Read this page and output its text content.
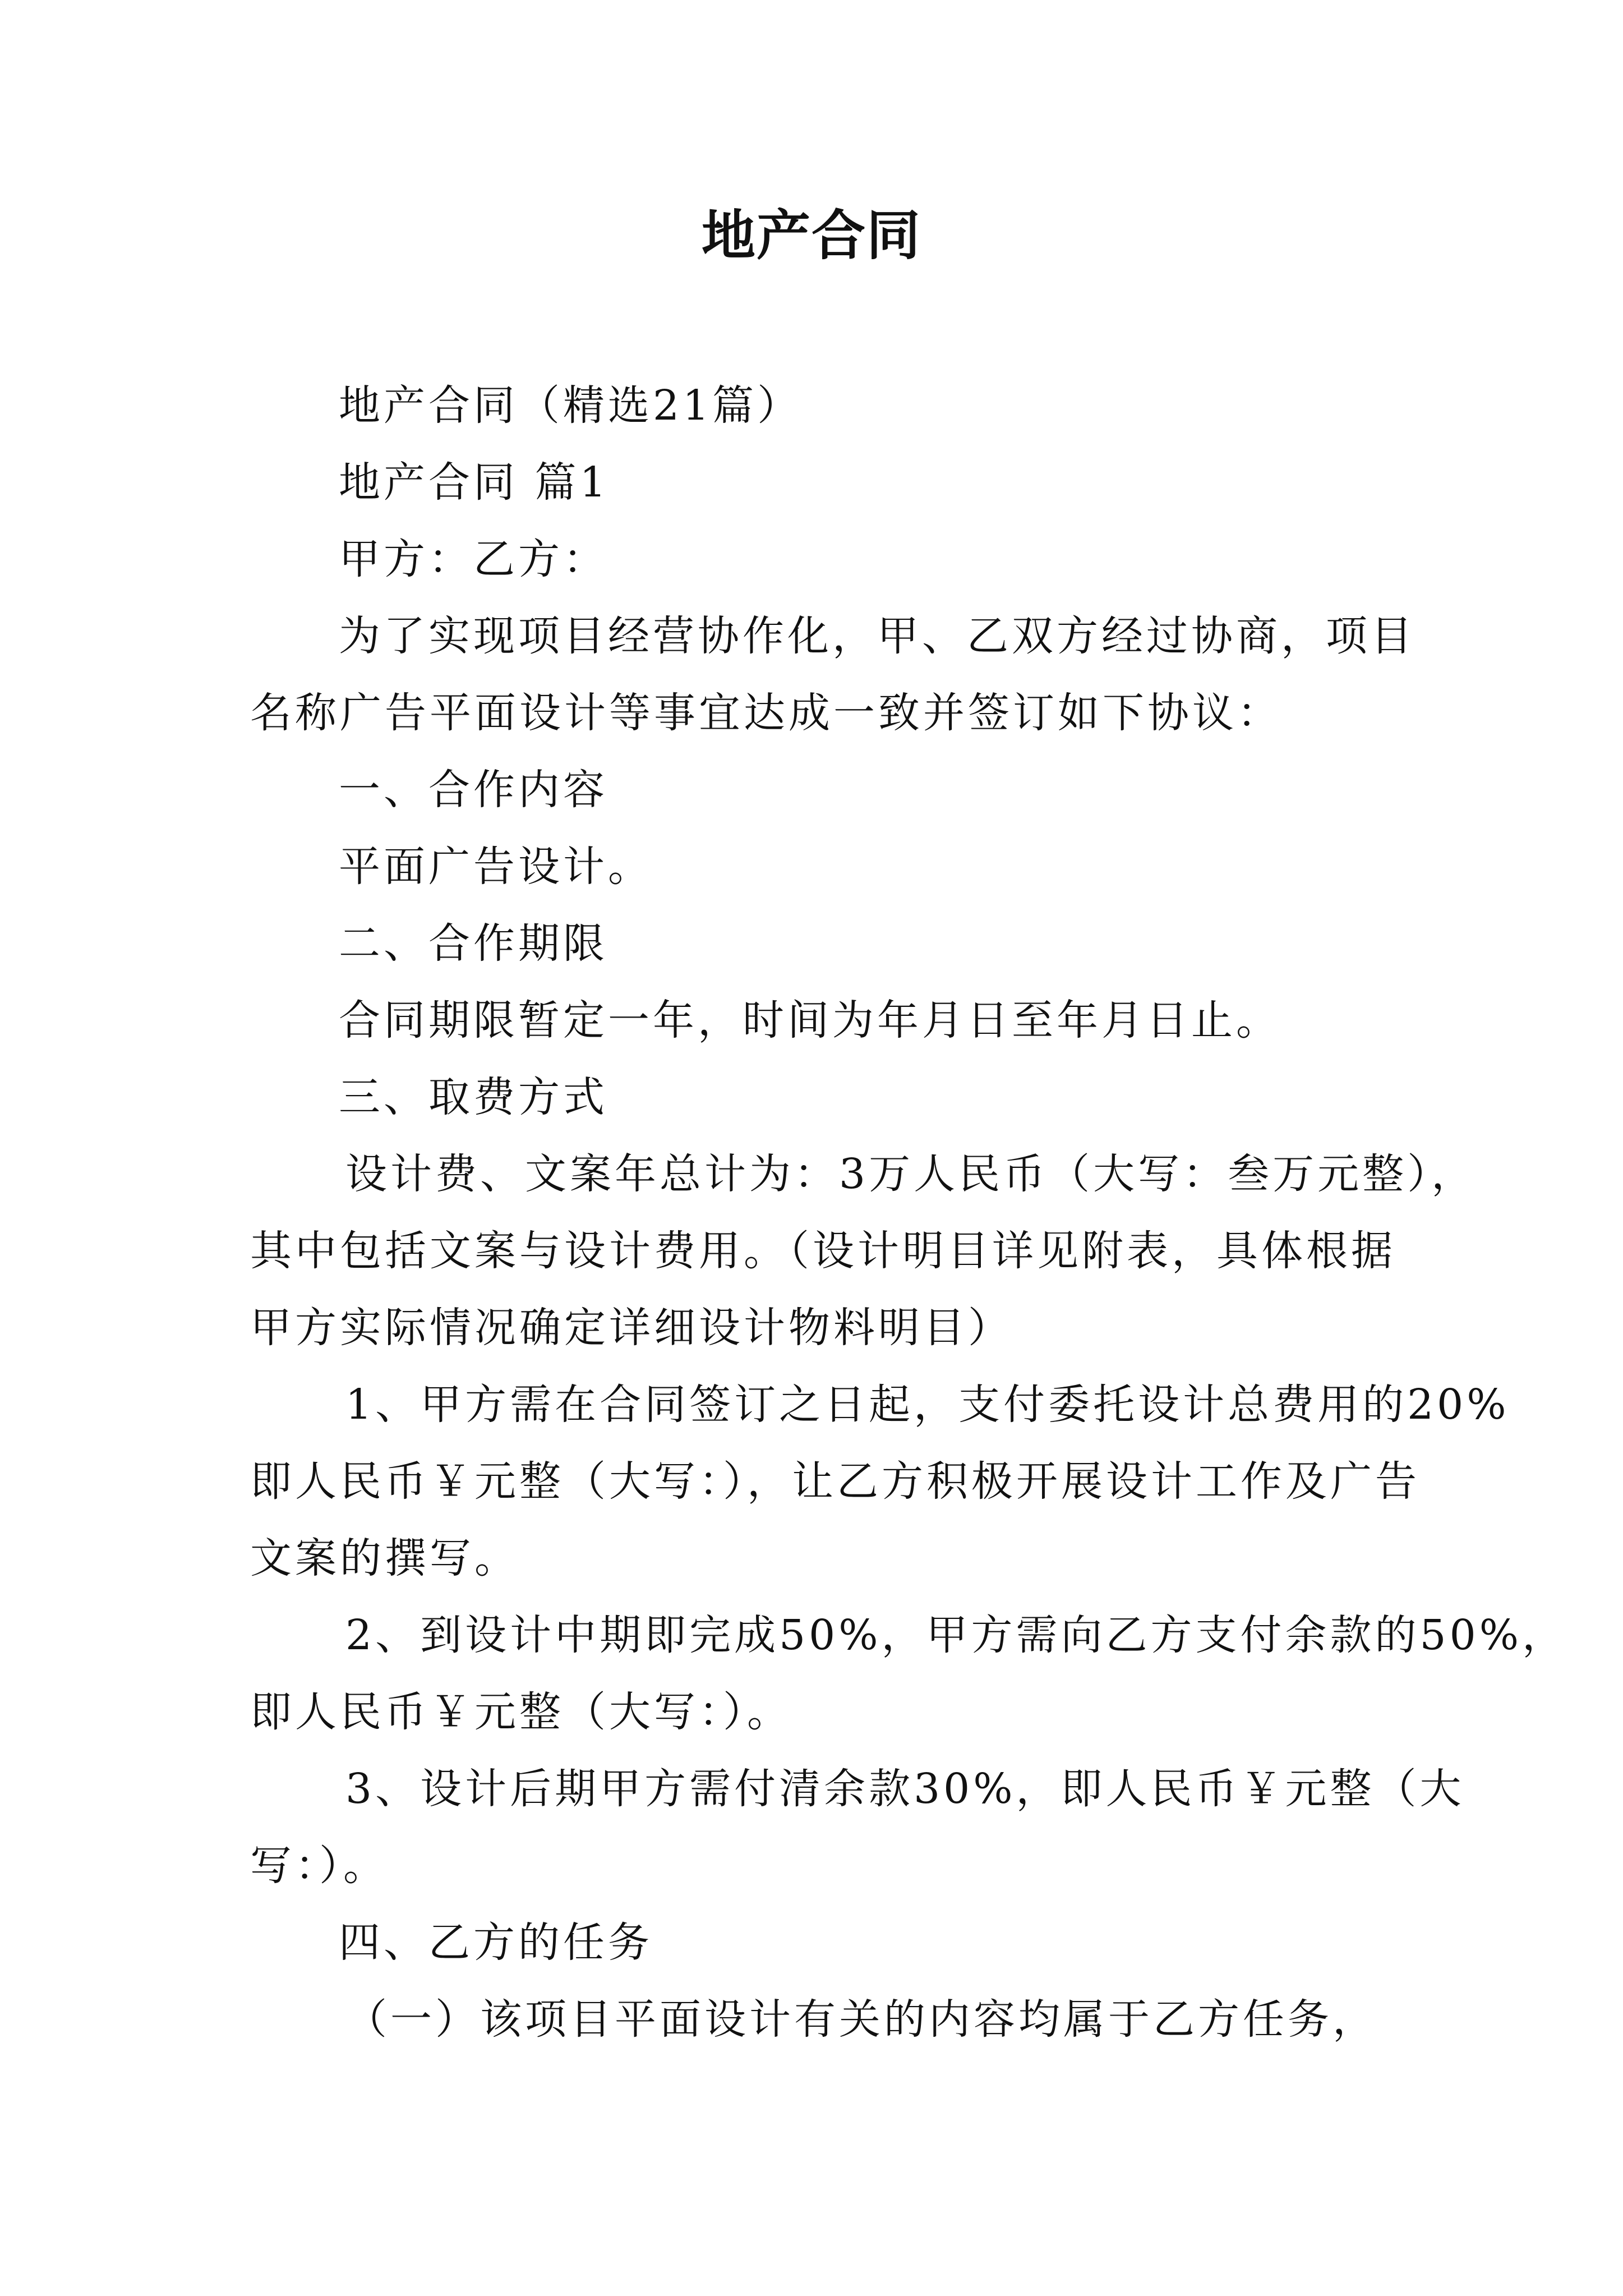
地产合同
地产合同（精选21篇）
地产合同 篇1
甲方：乙方：
为了实现项目经营协作化，甲、乙双方经过协商，项目
名称广告平面设计等事宜达成一致并签订如下协议：
一、合作内容
平面广告设计。
二、合作期限
合同期限暂定一年，时间为年月日至年月日止。
三、取费方式
设计费、文案年总计为：3万人民币（大写：叁万元整），
其中包括文案与设计费用。（设计明目详见附表，具体根据
甲方实际情况确定详细设计物料明目）
1、甲方需在合同签订之日起，支付委托设计总费用的20%
即人民币￥元整（大写：），让乙方积极开展设计工作及广告
文案的撰写。
2、到设计中期即完成50%，甲方需向乙方支付余款的50%，
即人民币￥元整（大写：）。
3、设计后期甲方需付清余款30%，即人民币￥元整（大
写：）。
四、乙方的任务
（一）该项目平面设计有关的内容均属于乙方任务，
